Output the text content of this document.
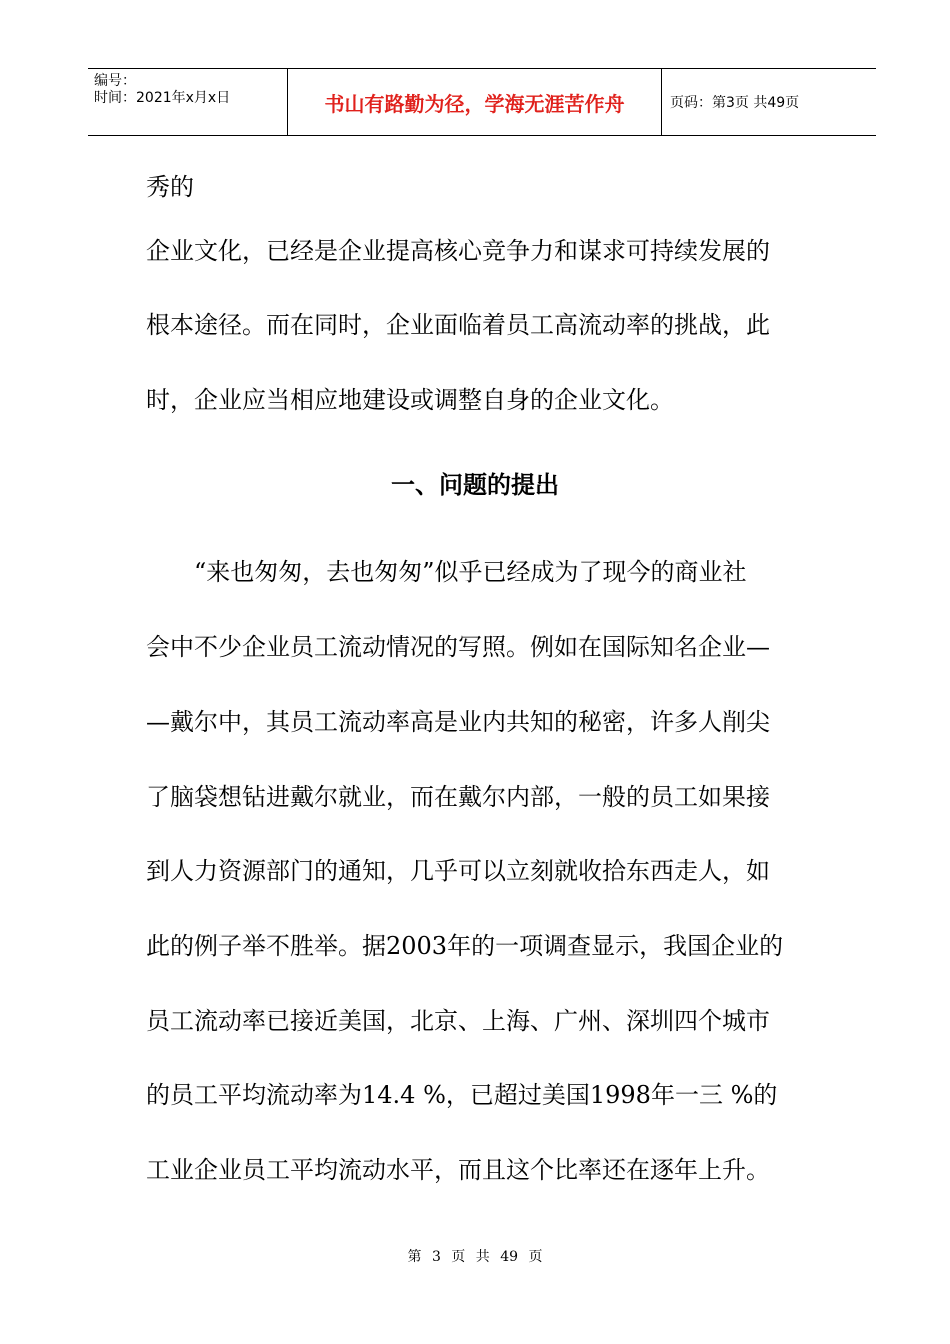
编号：
时间：2021年x月x日	书山有路勤为径，学海无涯苦作舟	页码：第3页 共49页
秀的
企业文化，已经是企业提高核心竞争力和谋求可持续发展的
根本途径。而在同时，企业面临着员工高流动率的挑战，此
时，企业应当相应地建设或调整自身的企业文化。
一、问题的提出
　　“来也匆匆，去也匆匆”似乎已经成为了现今的商业社
会中不少企业员工流动情况的写照。例如在国际知名企业—
—戴尔中，其员工流动率高是业内共知的秘密，许多人削尖
了脑袋想钻进戴尔就业，而在戴尔内部，一般的员工如果接
到人力资源部门的通知，几乎可以立刻就收拾东西走人，如
此的例子举不胜举。据2003年的一项调查显示，我国企业的
员工流动率已接近美国，北京、上海、广州、深圳四个城市
的员工平均流动率为14.4 %，已超过美国1998年一三 %的
工业企业员工平均流动水平，而且这个比率还在逐年上升。
第 3 页 共 49 页
